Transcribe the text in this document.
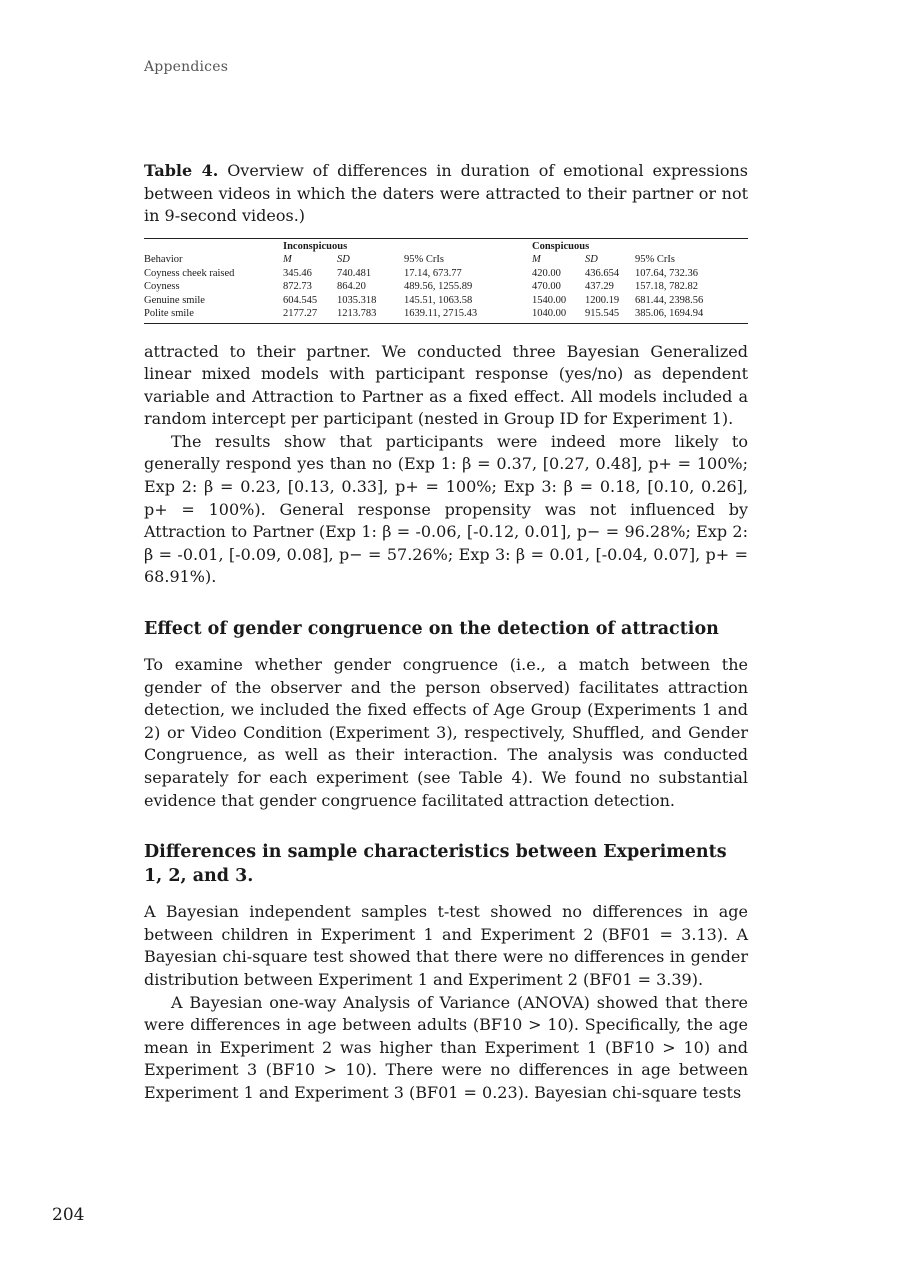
Appendices

Table 4. Overview of differences in duration of emotional expressions between videos in which the daters were attracted to their partner or not in 9-second videos.)

	Inconspicuous			Conspicuous		
Behavior	M	SD	95% CrIs	M	SD	95% CrIs
Coyness cheek raised	345.46	740.481	17.14, 673.77	420.00	436.654	107.64, 732.36
Coyness	872.73	864.20	489.56, 1255.89	470.00	437.29	157.18, 782.82
Genuine smile	604.545	1035.318	145.51, 1063.58	1540.00	1200.19	681.44, 2398.56
Polite smile	2177.27	1213.783	1639.11, 2715.43	1040.00	915.545	385.06, 1694.94

attracted to their partner. We conducted three Bayesian Generalized linear mixed models with participant response (yes/no) as dependent variable and Attraction to Partner as a fixed effect. All models included a random intercept per participant (nested in Group ID for Experiment 1).

The results show that participants were indeed more likely to generally respond yes than no (Exp 1: β = 0.37, [0.27, 0.48], p+ = 100%; Exp 2: β = 0.23, [0.13, 0.33], p+ = 100%; Exp 3: β = 0.18, [0.10, 0.26], p+ = 100%). General response propensity was not influenced by Attraction to Partner (Exp 1: β = -0.06, [-0.12, 0.01], p− = 96.28%; Exp 2: β = -0.01, [-0.09, 0.08], p− = 57.26%; Exp 3: β = 0.01, [-0.04, 0.07], p+ = 68.91%).

Effect of gender congruence on the detection of attraction

To examine whether gender congruence (i.e., a match between the gender of the observer and the person observed) facilitates attraction detection, we included the fixed effects of Age Group (Experiments 1 and 2) or Video Condition (Experiment 3), respectively, Shuffled, and Gender Congruence, as well as their interaction. The analysis was conducted separately for each experiment (see Table 4). We found no substantial evidence that gender congruence facilitated attraction detection.

Differences in sample characteristics between Experiments 1, 2, and 3.

A Bayesian independent samples t-test showed no differences in age between children in Experiment 1 and Experiment 2 (BF01 = 3.13). A Bayesian chi-square test showed that there were no differences in gender distribution between Experiment 1 and Experiment 2 (BF01 = 3.39).

A Bayesian one-way Analysis of Variance (ANOVA) showed that there were differences in age between adults (BF10 > 10). Specifically, the age mean in Experiment 2 was higher than Experiment 1 (BF10 > 10) and Experiment 3 (BF10 > 10). There were no differences in age between Experiment 1 and Experiment 3 (BF01 = 0.23). Bayesian chi-square tests

204
